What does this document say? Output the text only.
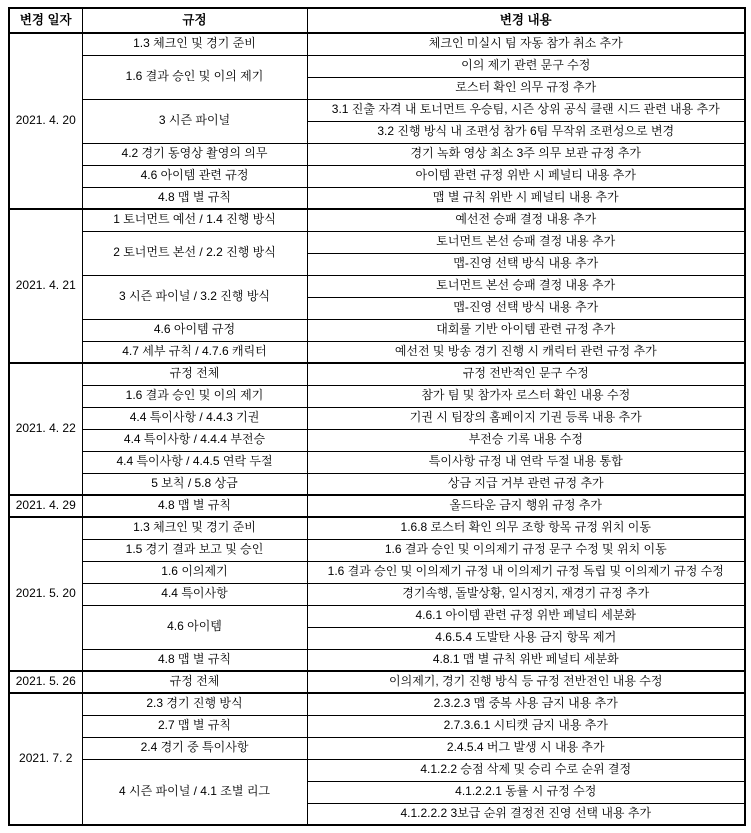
변경 일자	규정	변경 내용
2021. 4. 20	1.3 체크인 및 경기 준비	체크인 미실시 팀 자동 참가 취소 추가
	1.6 결과 승인 및 이의 제기	이의 제기 관련 문구 수정
		로스터 확인 의무 규정 추가
	3 시즌 파이널	3.1 진출 자격 내 토너먼트 우승팀, 시즌 상위 공식 클랜 시드 관련 내용 추가
		3.2 진행 방식 내 조편성 참가 6팀 무작위 조편성으로 변경
	4.2 경기 동영상 촬영의 의무	경기 녹화 영상 최소 3주 의무 보관 규정 추가
	4.6 아이템 관련 규정	아이템 관련 규정 위반 시 페널티 내용 추가
	4.8 맵 별 규칙	맵 별 규칙 위반 시 페널티 내용 추가
2021. 4. 21	1 토너먼트 예선 / 1.4 진행 방식	예선전 승패 결정 내용 추가
	2 토너먼트 본선 / 2.2 진행 방식	토너먼트 본선 승패 결정 내용 추가
		맵-진영 선택 방식 내용 추가
	3 시즌 파이널 / 3.2 진행 방식	토너먼트 본선 승패 결정 내용 추가
		맵-진영 선택 방식 내용 추가
	4.6 아이템 규정	대회룰 기반 아이템 관련 규정 추가
	4.7 세부 규칙 / 4.7.6 캐릭터	예선전 및 방송 경기 진행 시 캐릭터 관련 규정 추가
2021. 4. 22	규정 전체	규정 전반적인 문구 수정
	1.6 결과 승인 및 이의 제기	참가 팀 및 참가자 로스터 확인 내용 수정
	4.4 특이사항 / 4.4.3 기권	기권 시 팀장의 홈페이지 기권 등록 내용 추가
	4.4 특이사항 / 4.4.4 부전승	부전승 기록 내용 수정
	4.4 특이사항 / 4.4.5 연락 두절	특이사항 규정 내 연락 두절 내용 통합
	5 보칙 / 5.8 상금	상금 지급 거부 관련 규정 추가
2021. 4. 29	4.8 맵 별 규칙	올드타운 금지 행위 규정 추가
2021. 5. 20	1.3 체크인 및 경기 준비	1.6.8 로스터 확인 의무 조항 항목 규정 위치 이동
	1.5 경기 결과 보고 및 승인	1.6 결과 승인 및 이의제기 규정 문구 수정 및 위치 이동
	1.6 이의제기	1.6 결과 승인 및 이의제기 규정 내 이의제기 규정 독립 및 이의제기 규정 수정
	4.4 특이사항	경기속행, 돌발상황, 일시정지, 재경기 규정 추가
	4.6 아이템	4.6.1 아이템 관련 규정 위반 페널티 세분화
		4.6.5.4 도발탄 사용 금지 항목 제거
	4.8 맵 별 규칙	4.8.1 맵 별 규칙 위반 페널티 세분화
2021. 5. 26	규정 전체	이의제기, 경기 진행 방식 등 규정 전반전인 내용 수정
2021. 7. 2	2.3 경기 진행 방식	2.3.2.3 맵 중복 사용 금지 내용 추가
	2.7 맵 별 규칙	2.7.3.6.1 시티캣 금지 내용 추가
	2.4 경기 중 특이사항	2.4.5.4 버그 발생 시 내용 추가
	4 시즌 파이널 / 4.1 조별 리그	4.1.2.2 승점 삭제 및 승리 수로 순위 결정
		4.1.2.2.1 동률 시 규정 수정
		4.1.2.2.2 3보급 순위 결정전 진영 선택 내용 추가
